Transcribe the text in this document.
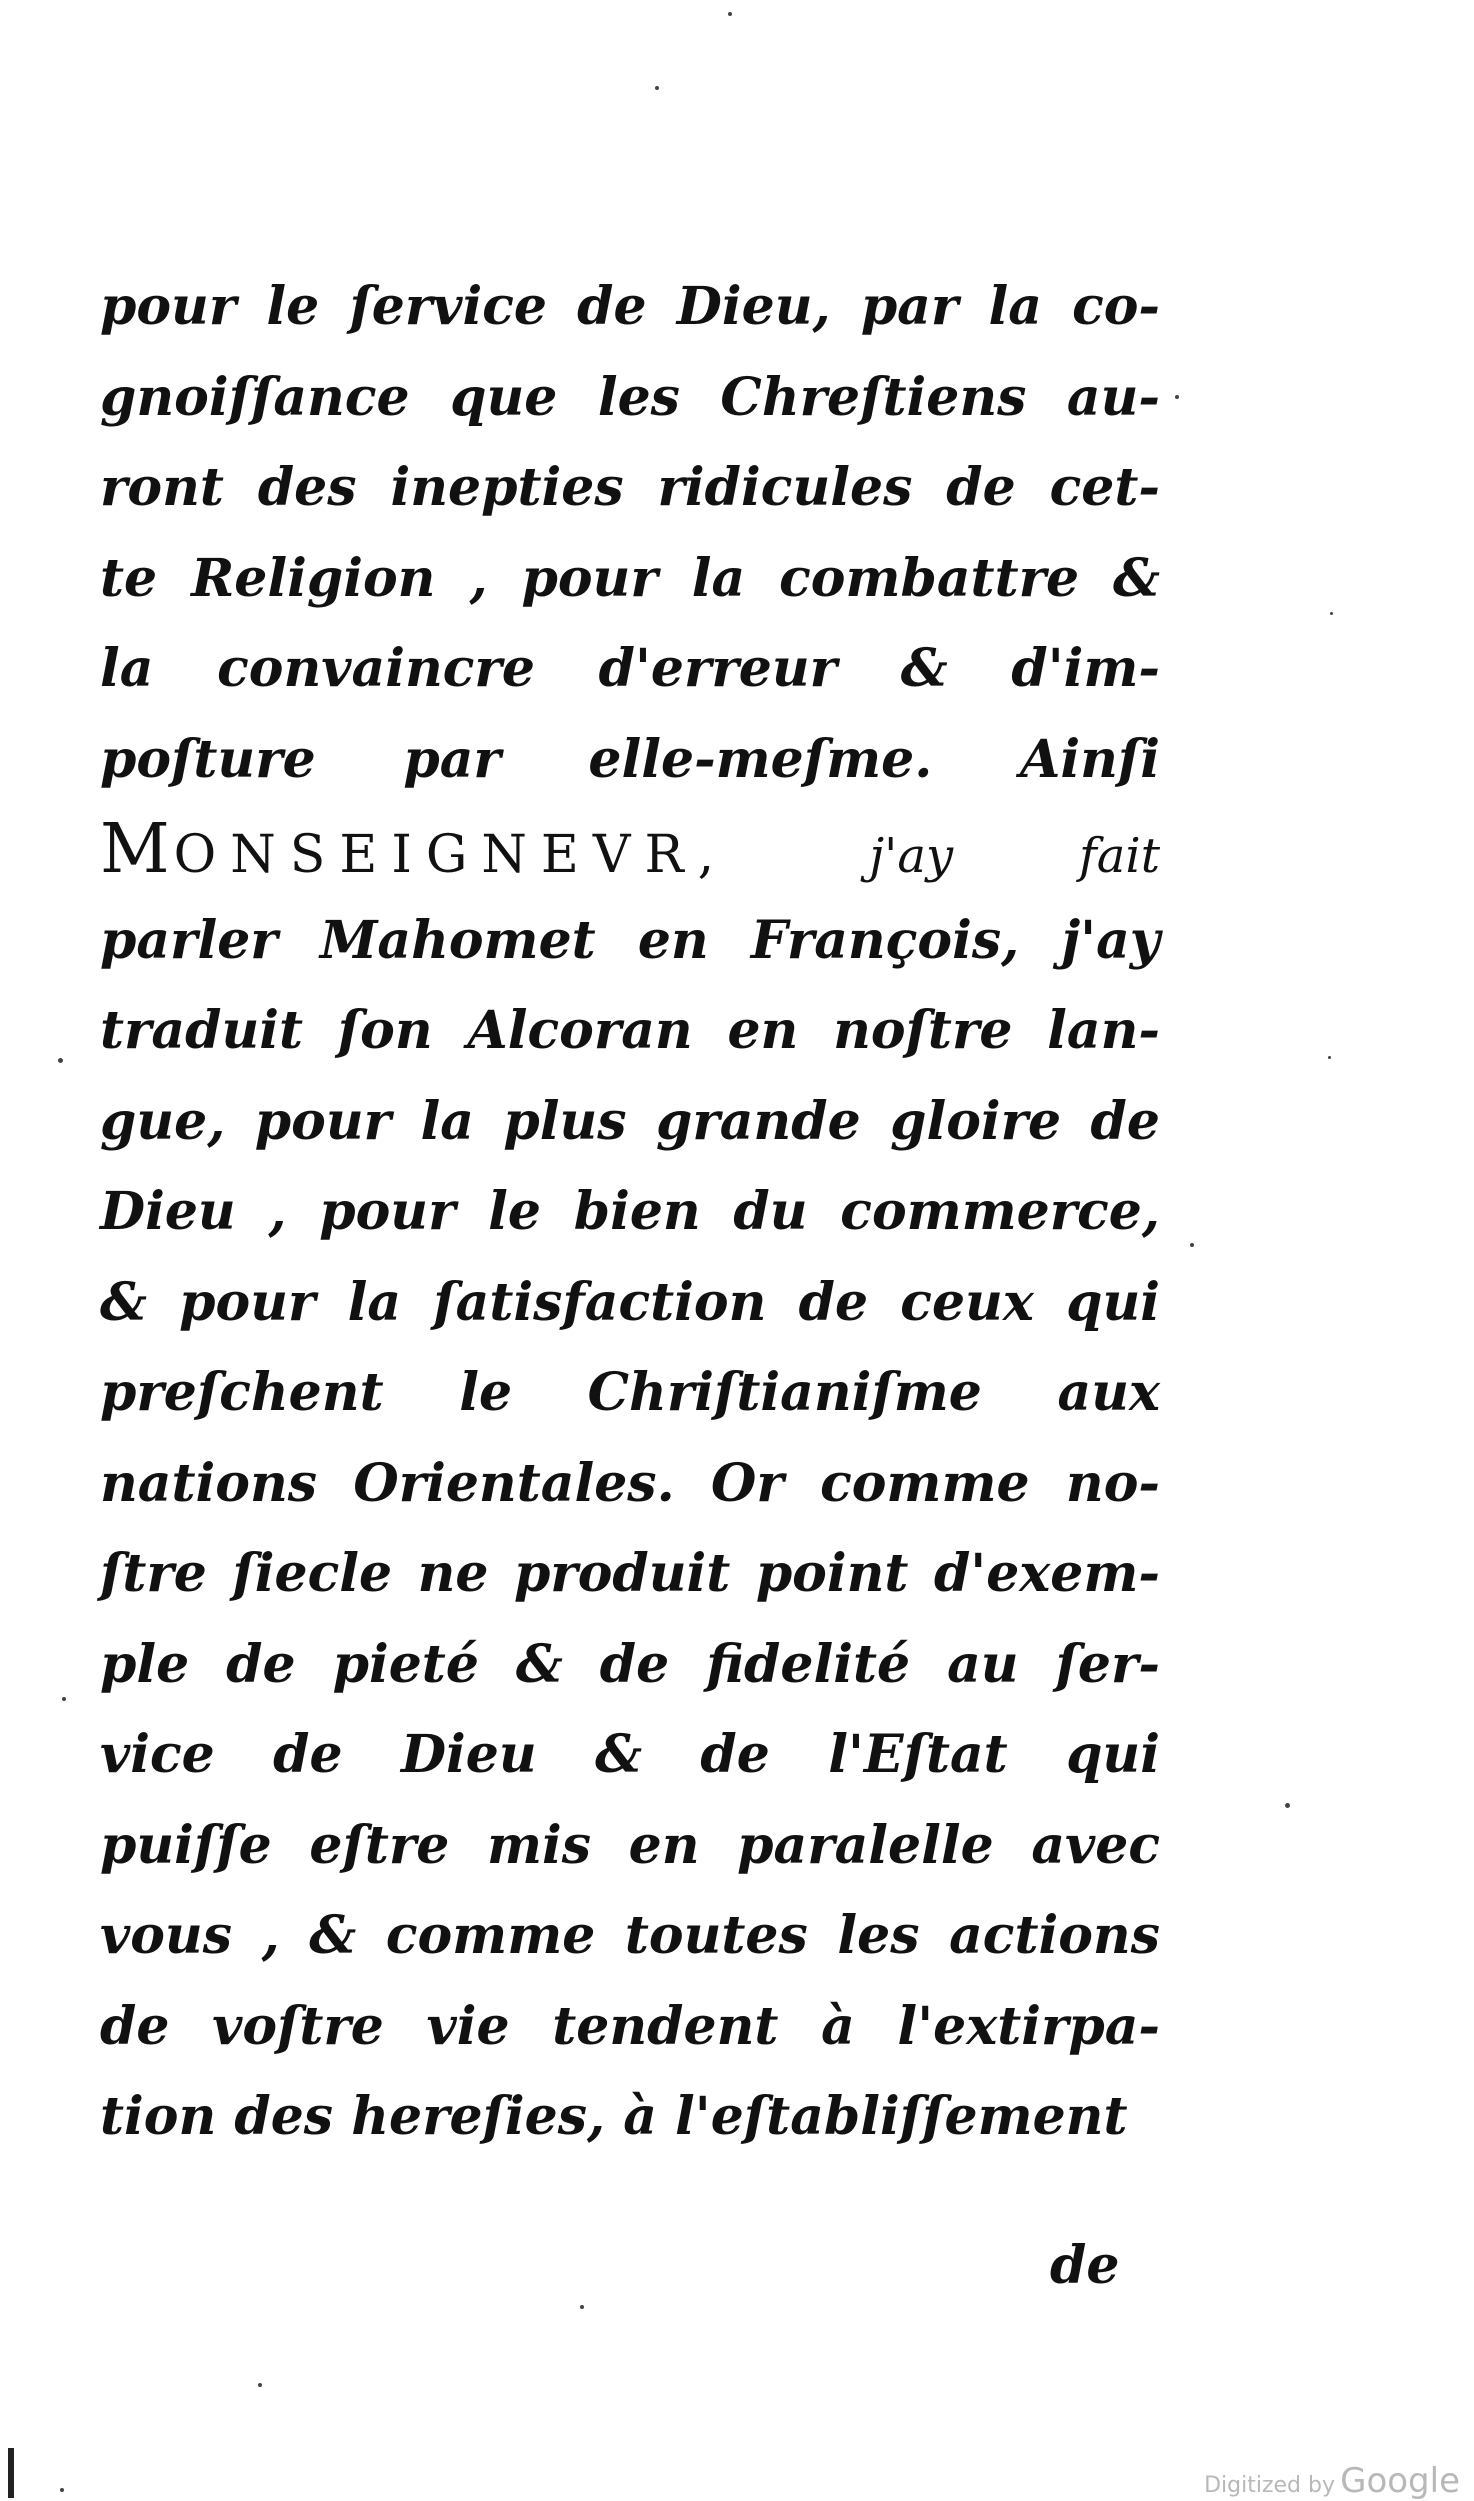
pour le ſervice de Dieu, par la co-
gnoiſſance que les Chreſtiens au-
ront des inepties ridicules de cet-
te Religion , pour la combattre &
la convaincre d'erreur & d'im-
poſture par elle-meſme. Ainſi
MONSEIGNEVR,	j'ay fait
parler Mahomet en François, j'ay
traduit ſon Alcoran en noſtre lan-
gue, pour la plus grande gloire de
Dieu , pour le bien du commerce,
& pour la ſatisfaction de ceux qui
preſchent le Chriſtianiſme aux
nations Orientales. Or comme no-
ſtre ſiecle ne produit point d'exem-
ple de pieté & de fidelité au ſer-
vice de Dieu & de l'Eſtat qui
puiſſe eſtre mis en paralelle avec
vous , & comme toutes les actions
de voſtre vie tendent à l'extirpa-
tion des hereſies, à l'eſtabliſſement
de
Digitized by Google
